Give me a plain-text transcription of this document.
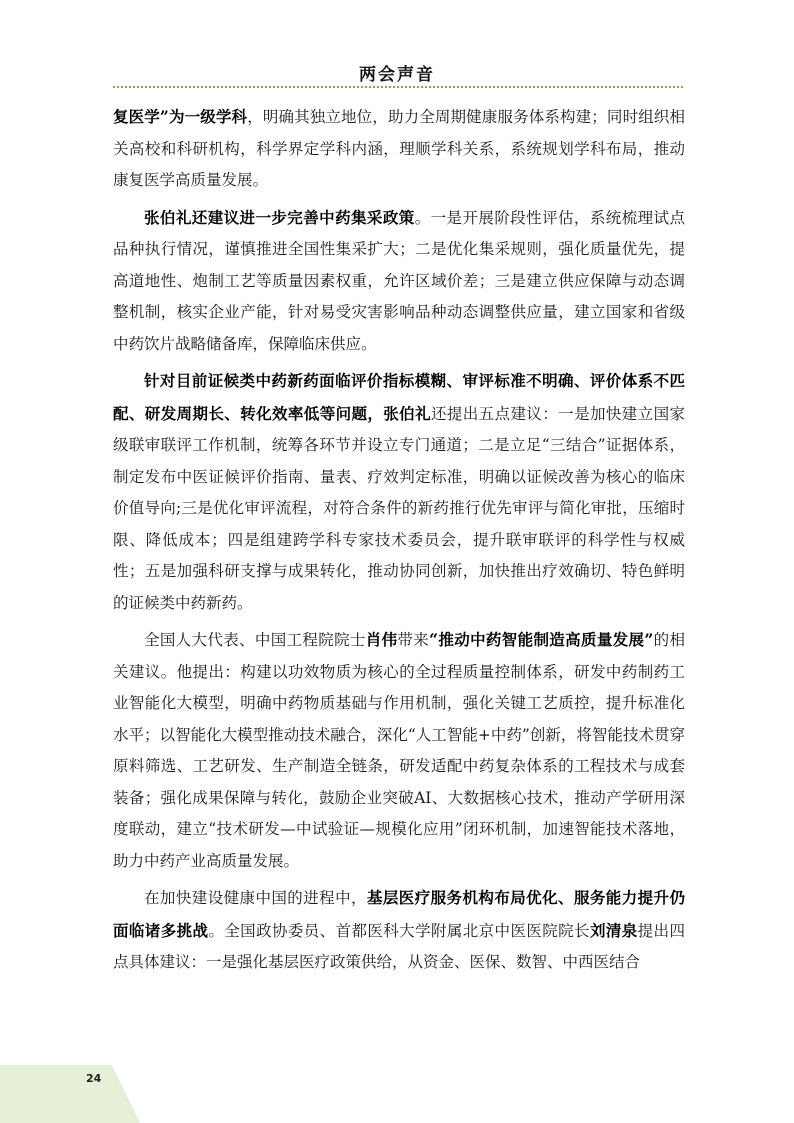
两会声音

复医学”为一级学科，明确其独立地位，助力全周期健康服务体系构建；同时组织相关高校和科研机构，科学界定学科内涵，理顺学科关系，系统规划学科布局，推动康复医学高质量发展。

张伯礼还建议进一步完善中药集采政策。一是开展阶段性评估，系统梳理试点品种执行情况，谨慎推进全国性集采扩大；二是优化集采规则，强化质量优先，提高道地性、炮制工艺等质量因素权重，允许区域价差；三是建立供应保障与动态调整机制，核实企业产能，针对易受灾害影响品种动态调整供应量，建立国家和省级中药饮片战略储备库，保障临床供应。

针对目前证候类中药新药面临评价指标模糊、审评标准不明确、评价体系不匹配、研发周期长、转化效率低等问题，张伯礼还提出五点建议：一是加快建立国家级联审联评工作机制，统筹各环节并设立专门通道；二是立足“三结合”证据体系，制定发布中医证候评价指南、量表、疗效判定标准，明确以证候改善为核心的临床价值导向;三是优化审评流程，对符合条件的新药推行优先审评与简化审批，压缩时限、降低成本；四是组建跨学科专家技术委员会，提升联审联评的科学性与权威性；五是加强科研支撑与成果转化，推动协同创新，加快推出疗效确切、特色鲜明的证候类中药新药。

全国人大代表、中国工程院院士肖伟带来“推动中药智能制造高质量发展”的相关建议。他提出：构建以功效物质为核心的全过程质量控制体系，研发中药制药工业智能化大模型，明确中药物质基础与作用机制，强化关键工艺质控，提升标准化水平；以智能化大模型推动技术融合，深化“人工智能+中药”创新，将智能技术贯穿原料筛选、工艺研发、生产制造全链条，研发适配中药复杂体系的工程技术与成套装备；强化成果保障与转化，鼓励企业突破AI、大数据核心技术，推动产学研用深度联动，建立“技术研发—中试验证—规模化应用”闭环机制，加速智能技术落地，助力中药产业高质量发展。

在加快建设健康中国的进程中，基层医疗服务机构布局优化、服务能力提升仍面临诸多挑战。全国政协委员、首都医科大学附属北京中医医院院长刘清泉提出四点具体建议：一是强化基层医疗政策供给，从资金、医保、数智、中西医结合

24
